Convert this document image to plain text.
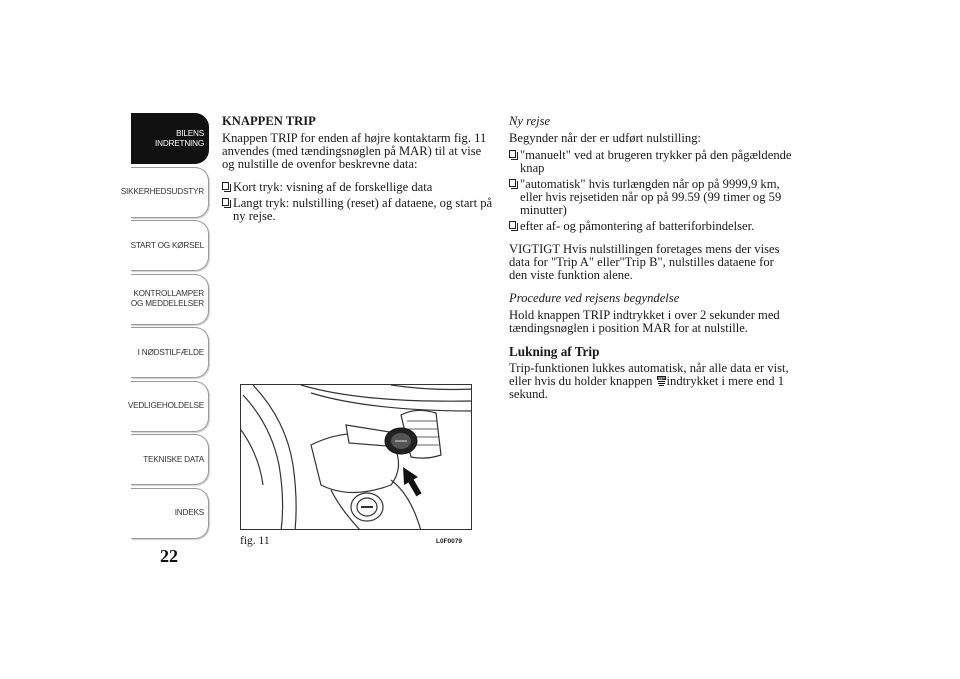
BILENS
INDRETNING
SIKKERHEDSUDSTYR
START OG KØRSEL
KONTROLLAMPER
OG MEDDELELSER
I NØDSTILFÆLDE
VEDLIGEHOLDELSE
TEKNISKE DATA
INDEKS
22

KNAPPEN TRIP

Knappen TRIP for enden af højre kontaktarm fig. 11 anvendes (med tændingsnøglen på MAR) til at vise og nulstille de ovenfor beskrevne data:

Kort tryk: visning af de forskellige data
Langt tryk: nulstilling (reset) af dataene, og start på ny rejse.
fig. 11	L0F0079

Ny rejse

Begynder når der er udført nulstilling:

"manuelt" ved at brugeren trykker på den pågældende knap
"automatisk" hvis turlængden når op på 9999,9 km, eller hvis rejsetiden når op på 99.59 (99 timer og 59 minutter)
efter af- og påmontering af batteriforbindelser.

VIGTIGT Hvis nulstillingen foretages mens der vises data for "Trip A" eller"Trip B", nulstilles dataene for den viste funktion alene.

Procedure ved rejsens begyndelse

Hold knappen TRIP indtrykket i over 2 sekunder med tændingsnøglen i position MAR for at nulstille.

Lukning af Trip

Trip-funktionen lukkes automatisk, når alle data er vist, eller hvis du holder knappen SET indtrykket i mere end 1 sekund.
